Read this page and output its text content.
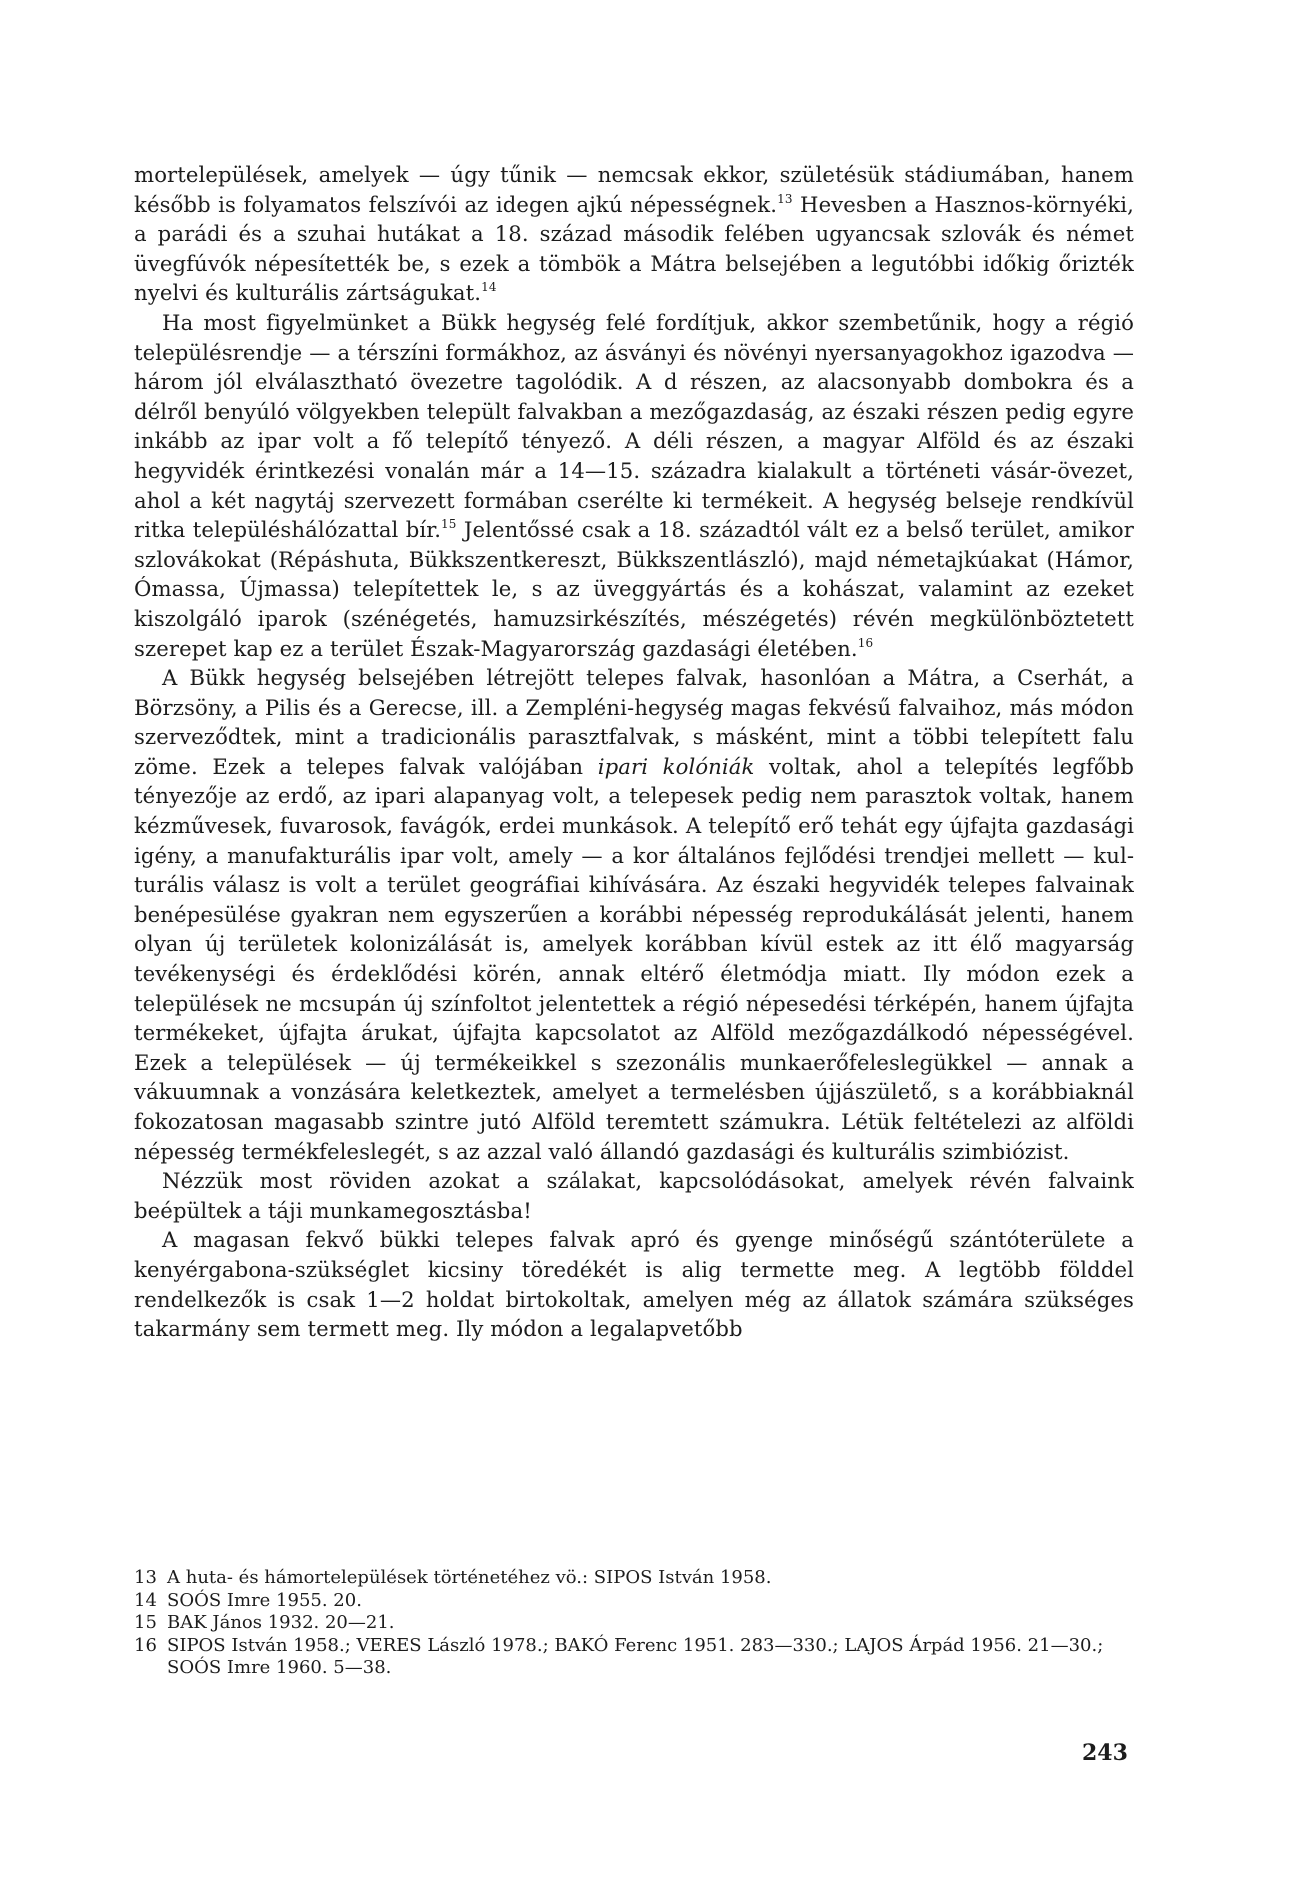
mortelepülések, amelyek — úgy tűnik — nemcsak ekkor, születésük stádiumában, hanem később is folyamatos felszívói az idegen ajkú népességnek.$^{13}$ Hevesben a Hasznos-környéki, a parádi és a szuhai hutákat a 18. század második felében ugyancsak szlovák és német üvegfúvók népesítették be, s ezek a tömbök a Mátra belsejében a legutóbbi időkig őrizték nyelvi és kulturális zártságukat.$^{14}$

Ha most figyelmünket a Bükk hegység felé fordítjuk, akkor szembetűnik, hogy a régió településrendje — a térszíni formákhoz, az ásványi és növényi nyersanyagokhoz igazodva — három jól elválasztható övezetre tagolódik. A d részen, az alacsonyabb dombokra és a délről benyúló völgyekben települt falvakban a mezőgazdaság, az északi részen pedig egyre inkább az ipar volt a fő telepítő tényező. A déli részen, a magyar Alföld és az északi hegyvidék érintkezési vonalán már a 14—15. századra kialakult a történeti vásár-övezet, ahol a két nagytáj szervezett formában cserélte ki termékeit. A hegység belseje rendkívül ritka településhálózattal bír.$^{15}$ Jelentőssé csak a 18. századtól vált ez a belső terület, amikor szlovákokat (Répáshuta, Bükkszentkereszt, Bükkszentlászló), majd németajkúakat (Hámor, Ómassa, Újmassa) telepítettek le, s az üveggyártás és a kohászat, valamint az ezeket kiszolgáló iparok (szénégetés, hamuzsirkészítés, mészégetés) révén megkülönböztetett szerepet kap ez a terület Észak-Magyarország gazdasági életében.$^{16}$

A Bükk hegység belsejében létrejött telepes falvak, hasonlóan a Mátra, a Cserhát, a Börzsöny, a Pilis és a Gerecse, ill. a Zempléni-hegység magas fekvésű falvaihoz, más módon szerveződtek, mint a tradicionális parasztfalvak, s másként, mint a többi telepített falu zöme. Ezek a telepes falvak valójában ipari kolóniák voltak, ahol a telepítés legfőbb tényezője az erdő, az ipari alapanyag volt, a telepesek pedig nem parasztok voltak, hanem kézművesek, fuvarosok, favágók, erdei munkások. A telepítő erő tehát egy újfajta gazdasági igény, a manufakturális ipar volt, amely — a kor általános fejlődési trendjei mellett — kulturális válasz is volt a terület geográfiai kihívására. Az északi hegyvidék telepes falvainak benépesülése gyakran nem egyszerűen a korábbi népesség reprodukálását jelenti, hanem olyan új területek kolonizálását is, amelyek korábban kívül estek az itt élő magyarság tevékenységi és érdeklődési körén, annak eltérő életmódja miatt. Ily módon ezek a települések ne mcsupán új színfoltot jelentettek a régió népesedési térképén, hanem újfajta termékeket, újfajta árukat, újfajta kapcsolatot az Alföld mezőgazdálkodó népességével. Ezek a települések — új termékeikkel s szezonális munkaerőfeleslegükkel — annak a vákuumnak a vonzására keletkeztek, amelyet a termelésben újjászülető, s a korábbiaknál fokozatosan magasabb szintre jutó Alföld teremtett számukra. Létük feltételezi az alföldi népesség termékfeleslegét, s az azzal való állandó gazdasági és kulturális szimbiózist.

Nézzük most röviden azokat a szálakat, kapcsolódásokat, amelyek révén falvaink beépültek a táji munkamegosztásba!

A magasan fekvő bükki telepes falvak apró és gyenge minőségű szántóterülete a kenyérgabona-szükséglet kicsiny töredékét is alig termette meg. A legtöbb földdel rendelkezők is csak 1—2 holdat birtokoltak, amelyen még az állatok számára szükséges takarmány sem termett meg. Ily módon a legalapvetőbb

13 A huta- és hámortelepülések történetéhez vö.: SIPOS István 1958.
14 SOÓS Imre 1955. 20.
15 BAK János 1932. 20—21.
16 SIPOS István 1958.; VERES László 1978.; BAKÓ Ferenc 1951. 283—330.; LAJOS Árpád 1956. 21—30.; SOÓS Imre 1960. 5—38.
243
